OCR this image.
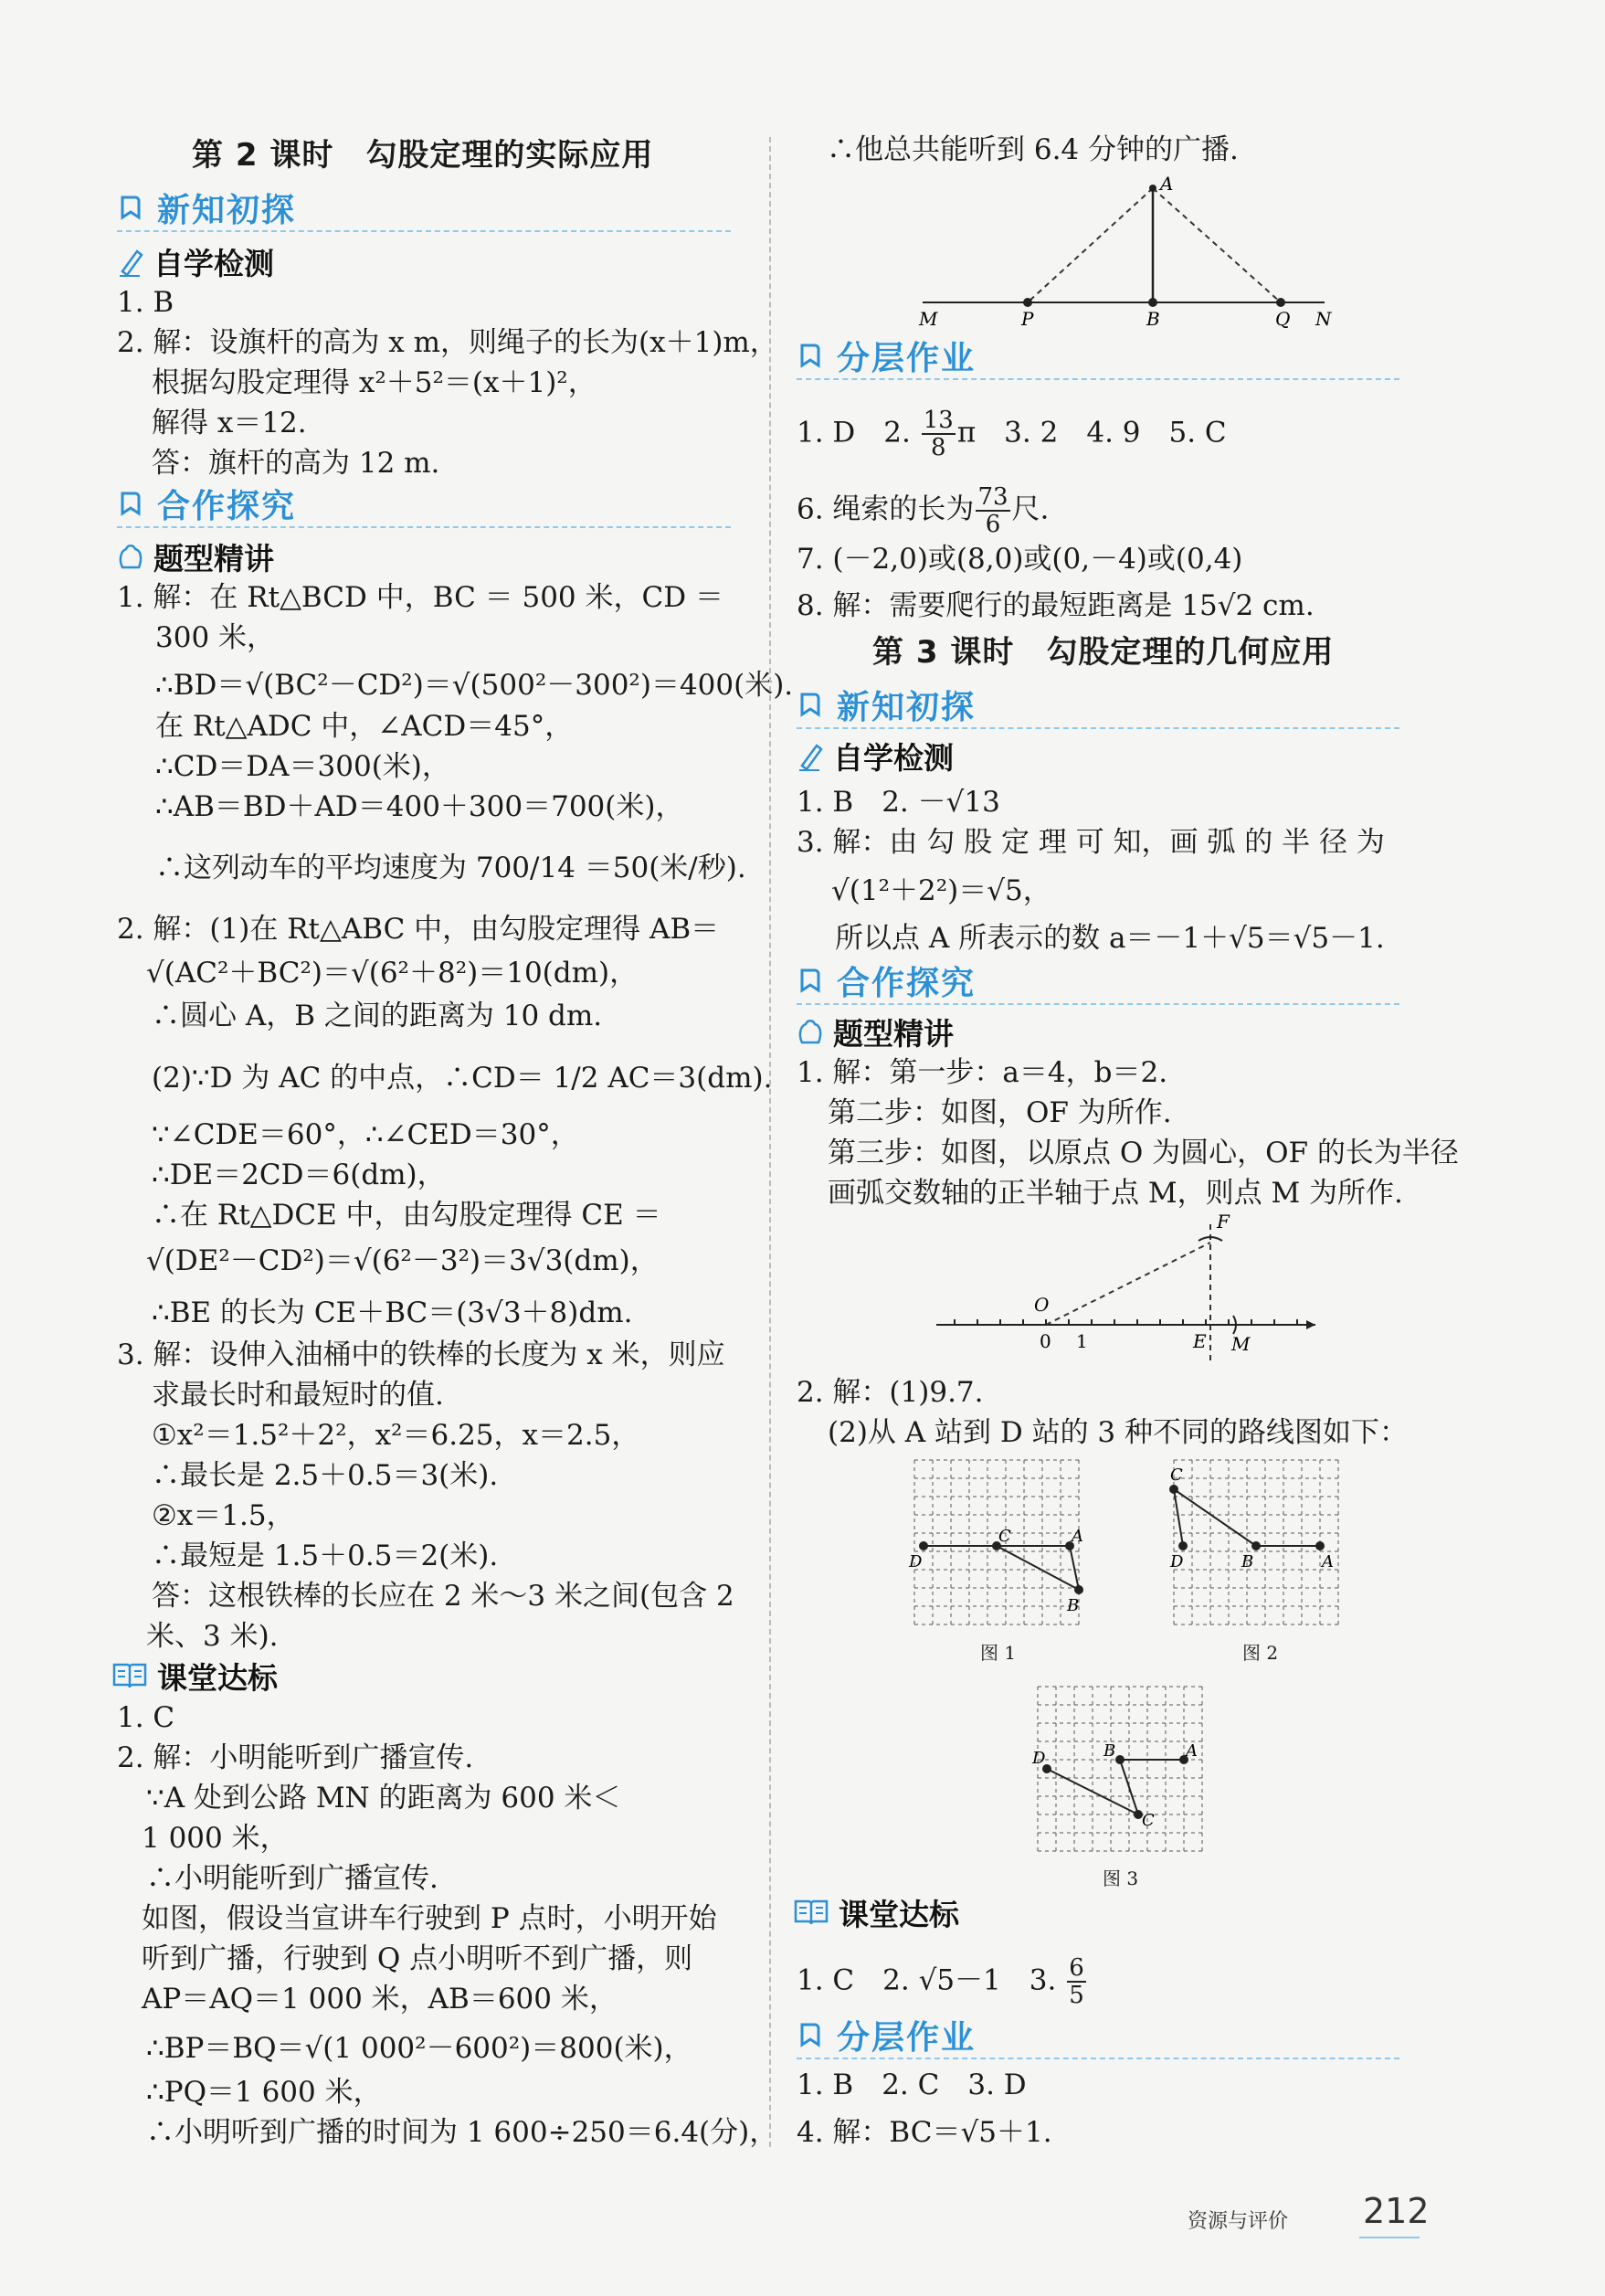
第 2 课时　勾股定理的实际应用
新知初探
自学检测
1. B
2. 解：设旗杆的高为 x m，则绳子的长为(x＋1)m，
根据勾股定理得 x²＋5²＝(x＋1)²，
解得 x＝12.
答：旗杆的高为 12 m.
合作探究
题型精讲
1. 解：在 Rt△BCD 中，BC ＝ 500 米，CD ＝
300 米，
∴BD＝√(BC²－CD²)＝√(500²－300²)＝400(米).
在 Rt△ADC 中，∠ACD＝45°，
∴CD＝DA＝300(米)，
∴AB＝BD＋AD＝400＋300＝700(米)，
∴这列动车的平均速度为 700/14 ＝50(米/秒).
2. 解：(1)在 Rt△ABC 中，由勾股定理得 AB＝
√(AC²＋BC²)＝√(6²＋8²)＝10(dm)，
∴圆心 A，B 之间的距离为 10 dm.
(2)∵D 为 AC 的中点，∴CD＝ 1/2 AC＝3(dm).
∵∠CDE＝60°，∴∠CED＝30°，
∴DE＝2CD＝6(dm)，
∴在 Rt△DCE 中，由勾股定理得 CE ＝
√(DE²－CD²)＝√(6²－3²)＝3√3(dm)，
∴BE 的长为 CE＋BC＝(3√3＋8)dm.
3. 解：设伸入油桶中的铁棒的长度为 x 米，则应
求最长时和最短时的值.
①x²＝1.5²＋2²，x²＝6.25，x＝2.5，
∴最长是 2.5＋0.5＝3(米).
②x＝1.5，
∴最短是 1.5＋0.5＝2(米).
答：这根铁棒的长应在 2 米～3 米之间(包含 2
米、3 米).
课堂达标
1. C
2. 解：小明能听到广播宣传.
∵A 处到公路 MN 的距离为 600 米＜
1 000 米，
∴小明能听到广播宣传.
如图，假设当宣讲车行驶到 P 点时，小明开始
听到广播，行驶到 Q 点小明听不到广播，则
AP＝AQ＝1 000 米，AB＝600 米，
∴BP＝BQ＝√(1 000²－600²)＝800(米)，
∴PQ＝1 600 米，
∴小明听到广播的时间为 1 600÷250＝6.4(分)，
∴他总共能听到 6.4 分钟的广播.
A
M	P	B	Q N
分层作业
1. D　2. $\frac{13}{8}$ π　3. 2　4. 9　5. C
6. 绳索的长为 $\frac{73}{6}$ 尺.
7. (－2,0)或(8,0)或(0,－4)或(0,4)
8. 解：需要爬行的最短距离是 15√2 cm.
第 3 课时　勾股定理的几何应用
新知初探
自学检测
1. B　2. －√13
3. 解：由 勾 股 定 理 可 知，画 弧 的 半 径 为
√(1²＋2²)＝√5，
所以点 A 所表示的数 a＝－1＋√5＝√5－1.
合作探究
题型精讲
1. 解：第一步：a＝4，b＝2.
第二步：如图，OF 为所作.
第三步：如图，以原点 O 为圆心，OF 的长为半径
画弧交数轴的正半轴于点 M，则点 M 为所作.
F
O
0 1	E M
2. 解：(1)9.7.
(2)从 A 站到 D 站的 3 种不同的路线图如下：
图 1	图 2
图 3
D
C	A
B
D
C
B	A
D	B	A
C
课堂达标
1. C　2. √5－1　3. $\frac{6}{5}$
分层作业
1. B　2. C　3. D
4. 解：BC＝√5＋1.
资源与评价 212
